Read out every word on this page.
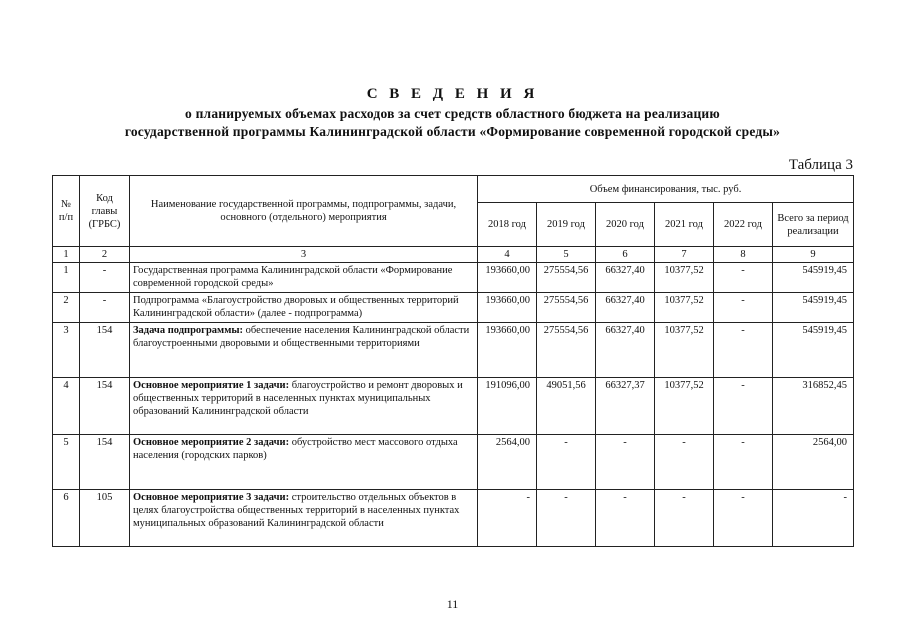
С В Е Д Е Н И Я
о планируемых объемах расходов за счет средств областного бюджета на реализацию
государственной программы Калининградской области «Формирование современной городской среды»
Таблица 3
№ п/п	Код главы (ГРБС)	Наименование государственной программы, подпрограммы, задачи, основного (отдельного) мероприятия	Объем финансирования, тыс. руб.					
			2018 год	2019 год	2020 год	2021 год	2022 год	Всего за период реализации
1	2	3	4	5	6	7	8	9
1	-	Государственная программа Калининградской области «Формирование современной городской среды»	193660,00	275554,56	66327,40	10377,52	-	545919,45
2	-	Подпрограмма «Благоустройство дворовых и общественных территорий Калининградской области» (далее - подпрограмма)	193660,00	275554,56	66327,40	10377,52	-	545919,45
3	154	Задача подпрограммы: обеспечение населения Калининградской области благоустроенными дворовыми и общественными территориями	193660,00	275554,56	66327,40	10377,52	-	545919,45
4	154	Основное мероприятие 1 задачи: благоустройство и ремонт дворовых и общественных территорий в населенных пунктах муниципальных образований Калининградской области	191096,00	49051,56	66327,37	10377,52	-	316852,45
5	154	Основное мероприятие 2 задачи: обустройство мест массового отдыха населения (городских парков)	2564,00	-	-	-	-	2564,00
6	105	Основное мероприятие 3 задачи: строительство отдельных объектов в целях благоустройства общественных территорий в населенных пунктах муниципальных образований Калининградской области	-	-	-	-	-	-
11
